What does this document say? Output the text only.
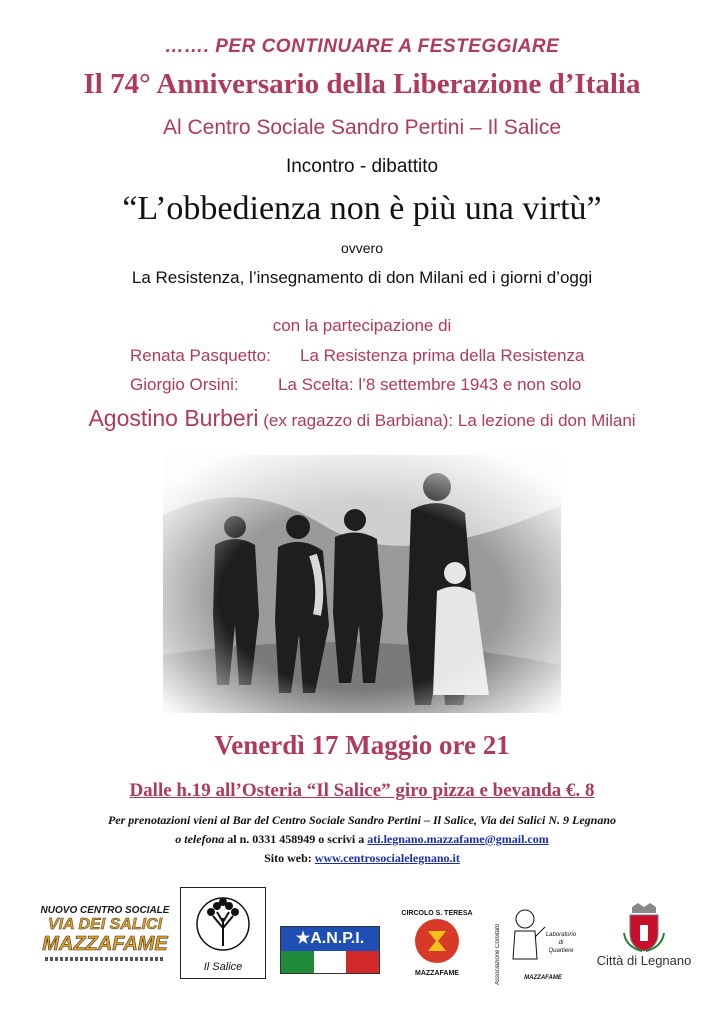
……. PER CONTINUARE A FESTEGGIARE
Il 74° Anniversario della Liberazione d’Italia
Al Centro Sociale Sandro Pertini – Il Salice
Incontro - dibattito
“L’obbedienza non è più una virtù”
ovvero
La Resistenza, l’insegnamento di don Milani ed i giorni d’oggi
con la partecipazione di
Renata Pasquetto: La Resistenza prima della Resistenza
Giorgio Orsini: La Scelta: l’8 settembre 1943 e non solo
Agostino Burberi (ex ragazzo di Barbiana): La lezione di don Milani
Venerdì 17 Maggio ore 21
Dalle h.19 all’Osteria “Il Salice” giro pizza e bevanda €. 8
Per prenotazioni vieni al Bar del Centro Sociale Sandro Pertini – Il Salice, Via dei Salici N. 9 Legnano
o telefona al n. 0331 458949 o scrivi a ati.legnano.mazzafame@gmail.com
Sito web: www.centrosocialelegnano.it
NUOVO CENTRO SOCIALE
VIA DEI SALICI
MAZZAFAME
Il Salice
★A.N.P.I.
CIRCOLO S. TERESA
MAZZAFAME	Associazione Comitato	Laboratorio
di
Quartiere
MAZZAFAME
Città di Legnano
